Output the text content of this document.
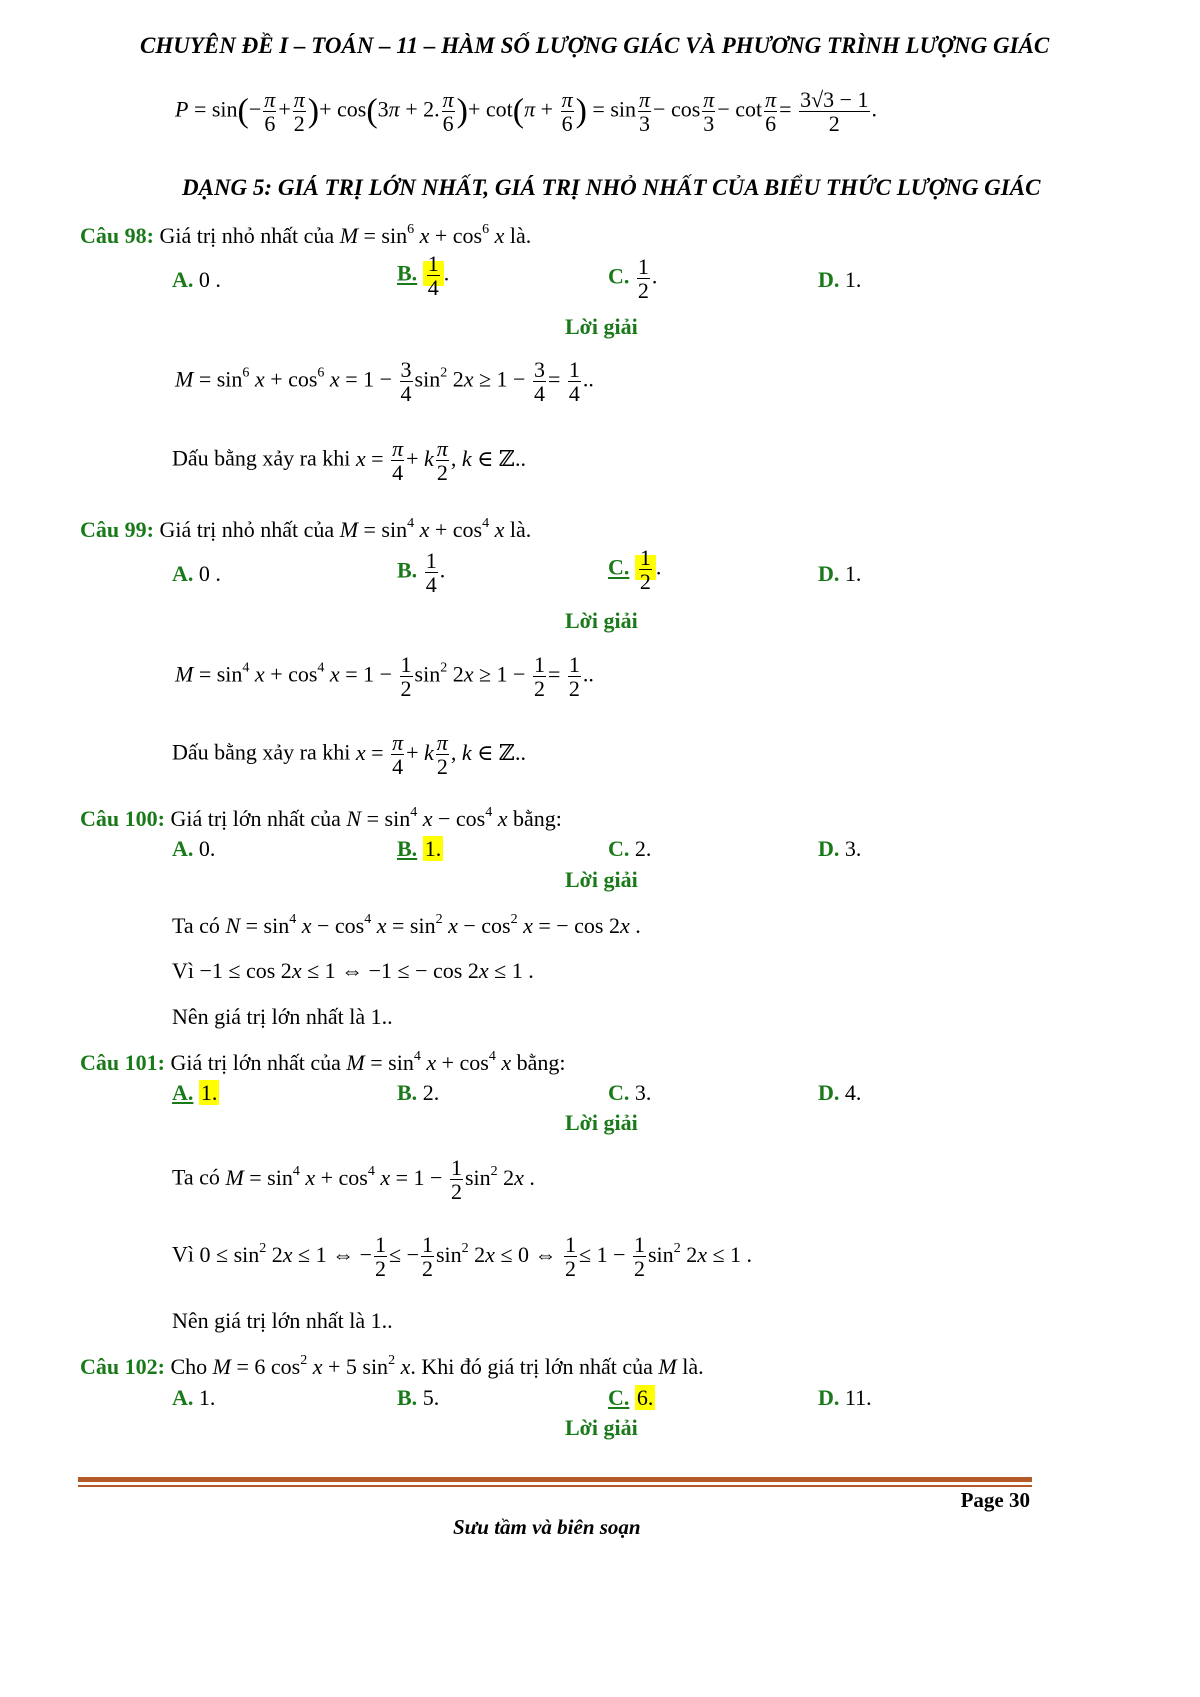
CHUYÊN ĐỀ I – TOÁN – 11 – HÀM SỐ LƯỢNG GIÁC VÀ PHƯƠNG TRÌNH LƯỢNG GIÁC
$P = \sin(- \frac{\pi}{6} + \frac{\pi}{2}$ )+ cos(3π + 2. $\frac{\pi}{6}$ )+ $\cot(\pi + \frac{\pi}{6}$ ) = $\sin \frac{\pi}{3} - \cos \frac{\pi}{3} - \cot \frac{\pi}{6} = \frac{3√3 - 1}{2}$ .
DẠNG 5: GIÁ TRỊ LỚN NHẤT, GIÁ TRỊ NHỎ NHẤT CỦA BIỂU THỨC LƯỢNG GIÁC
Câu 98: Giá trị nhỏ nhất của $M = \sin^6 x + \cos^6 x$ là.
A. 0 .	B. $\frac{1}{4}$ .	C. $\frac{1}{2}$ .	D. 1.
Lời giải
$M = \sin^6 x + \cos^6 x = 1 - \frac{3}{4} \sin^2 2x \ge 1 - \frac{3}{4} = \frac{1}{4}$ ..
Dấu bằng xảy ra khi $x = \frac{\pi}{4} + k \frac{\pi}{2}$ , k ∈ ℤ..
Câu 99: Giá trị nhỏ nhất của $M = \sin^4 x + \cos^4 x$ là.
A. 0 .	B. $\frac{1}{4}$ .	C. $\frac{1}{2}$ .	D. 1.
Lời giải
$M = \sin^4 x + \cos^4 x = 1 - \frac{1}{2} \sin^2 2x \ge 1 - \frac{1}{2} = \frac{1}{2}$ ..
Dấu bằng xảy ra khi $x = \frac{\pi}{4} + k \frac{\pi}{2}$ , k ∈ ℤ..
Câu 100: Giá trị lớn nhất của $N = \sin^4 x - \cos^4 x$ bằng:
A. 0.	B. 1.	C. 2.	D. 3.
Lời giải
Ta có $N = \sin^4 x - \cos^4 x = \sin^2 x - \cos^2 x$ = − cos 2x .
Vì −1 ≤ cos 2x ≤ 1 ⇔ −1 ≤ − cos 2x ≤ 1 .
Nên giá trị lớn nhất là 1..
Câu 101: Giá trị lớn nhất của $M = \sin^4 x + \cos^4 x$ bằng:
A. 1.	B. 2.	C. 3.	D. 4.
Lời giải
Ta có $M = \sin^4 x + \cos^4 x = 1 - \frac{1}{2} \sin^2 2x$ .
Vì $0 \le \sin^2 2x \le 1$ ⇔ − $\frac{1}{2}$ ≤ − $\frac{1}{2} \sin^2 2x \le 0$ ⇔ $\frac{1}{2} \le 1 - \frac{1}{2} \sin^2 2x \le 1$ .
Nên giá trị lớn nhất là 1..
Câu 102: Cho M = 6 $\cos^2 x + 5$ $\sin^2 x$. Khi đó giá trị lớn nhất của M là.
A. 1.	B. 5.	C. 6.	D. 11.
Lời giải
Page 30
Sưu tầm và biên soạn
